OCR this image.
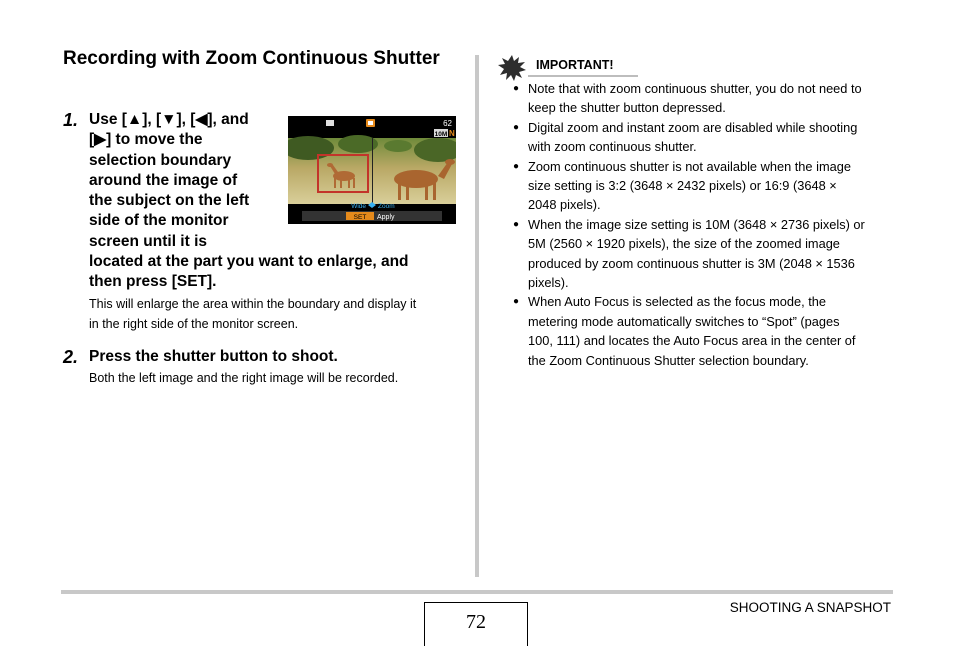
Recording with Zoom Continuous Shutter
1. Use [▲], [▼], [◀], and
[▶] to move the
selection boundary
around the image of
the subject on the left
side of the monitor
screen until it is
located at the part you want to enlarge, and
then press [SET].
This will enlarge the area within the boundary and display it
in the right side of the monitor screen.
62
10M N
Wide Zoom
SET Apply
2. Press the shutter button to shoot.
Both the left image and the right image will be recorded.
IMPORTANT!
● Note that with zoom continuous shutter, you do not need to
keep the shutter button depressed.
● Digital zoom and instant zoom are disabled while shooting
with zoom continuous shutter.
● Zoom continuous shutter is not available when the image
size setting is 3:2 (3648 × 2432 pixels) or 16:9 (3648 ×
2048 pixels).
● When the image size setting is 10M (3648 × 2736 pixels) or
5M (2560 × 1920 pixels), the size of the zoomed image
produced by zoom continuous shutter is 3M (2048 × 1536
pixels).
● When Auto Focus is selected as the focus mode, the
metering mode automatically switches to “Spot” (pages
100, 111) and locates the Auto Focus area in the center of
the Zoom Continuous Shutter selection boundary.
SHOOTING A SNAPSHOT
72
